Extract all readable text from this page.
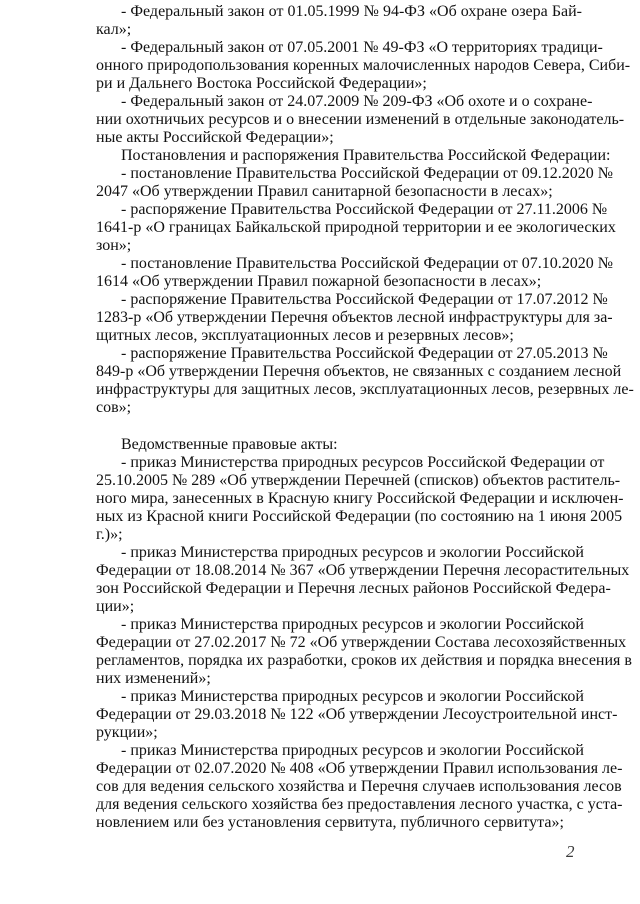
- Федеральный закон от 01.05.1999 № 94-ФЗ «Об охране озера Бай-
кал»;
- Федеральный закон от 07.05.2001 № 49-ФЗ «О территориях традици-
онного природопользования коренных малочисленных народов Севера, Сиби-
ри и Дальнего Востока Российской Федерации»;
- Федеральный закон от 24.07.2009 № 209-ФЗ «Об охоте и о сохране-
нии охотничьих ресурсов и о внесении изменений в отдельные законодатель-
ные акты Российской Федерации»;
Постановления и распоряжения Правительства Российской Федерации:
- постановление Правительства Российской Федерации от 09.12.2020 №
2047 «Об утверждении Правил санитарной безопасности в лесах»;
- распоряжение Правительства Российской Федерации от 27.11.2006 №
1641-р «О границах Байкальской природной территории и ее экологических
зон»;
- постановление Правительства Российской Федерации от 07.10.2020 №
1614 «Об утверждении Правил пожарной безопасности в лесах»;
- распоряжение Правительства Российской Федерации от 17.07.2012 №
1283-р «Об утверждении Перечня объектов лесной инфраструктуры для за-
щитных лесов, эксплуатационных лесов и резервных лесов»;
- распоряжение Правительства Российской Федерации от 27.05.2013 №
849-р «Об утверждении Перечня объектов, не связанных с созданием лесной
инфраструктуры для защитных лесов, эксплуатационных лесов, резервных ле-
сов»;
Ведомственные правовые акты:
- приказ Министерства природных ресурсов Российской Федерации от
25.10.2005 № 289 «Об утверждении Перечней (списков) объектов раститель-
ного мира, занесенных в Красную книгу Российской Федерации и исключен-
ных из Красной книги Российской Федерации (по состоянию на 1 июня 2005
г.)»;
- приказ Министерства природных ресурсов и экологии Российской
Федерации от 18.08.2014 № 367 «Об утверждении Перечня лесорастительных
зон Российской Федерации и Перечня лесных районов Российской Федера-
ции»;
- приказ Министерства природных ресурсов и экологии Российской
Федерации от 27.02.2017 № 72 «Об утверждении Состава лесохозяйственных
регламентов, порядка их разработки, сроков их действия и порядка внесения в
них изменений»;
- приказ Министерства природных ресурсов и экологии Российской
Федерации от 29.03.2018 № 122 «Об утверждении Лесоустроительной инст-
рукции»;
- приказ Министерства природных ресурсов и экологии Российской
Федерации от 02.07.2020 № 408 «Об утверждении Правил использования ле-
сов для ведения сельского хозяйства и Перечня случаев использования лесов
для ведения сельского хозяйства без предоставления лесного участка, с уста-
новлением или без установления сервитута, публичного сервитута»;
2
